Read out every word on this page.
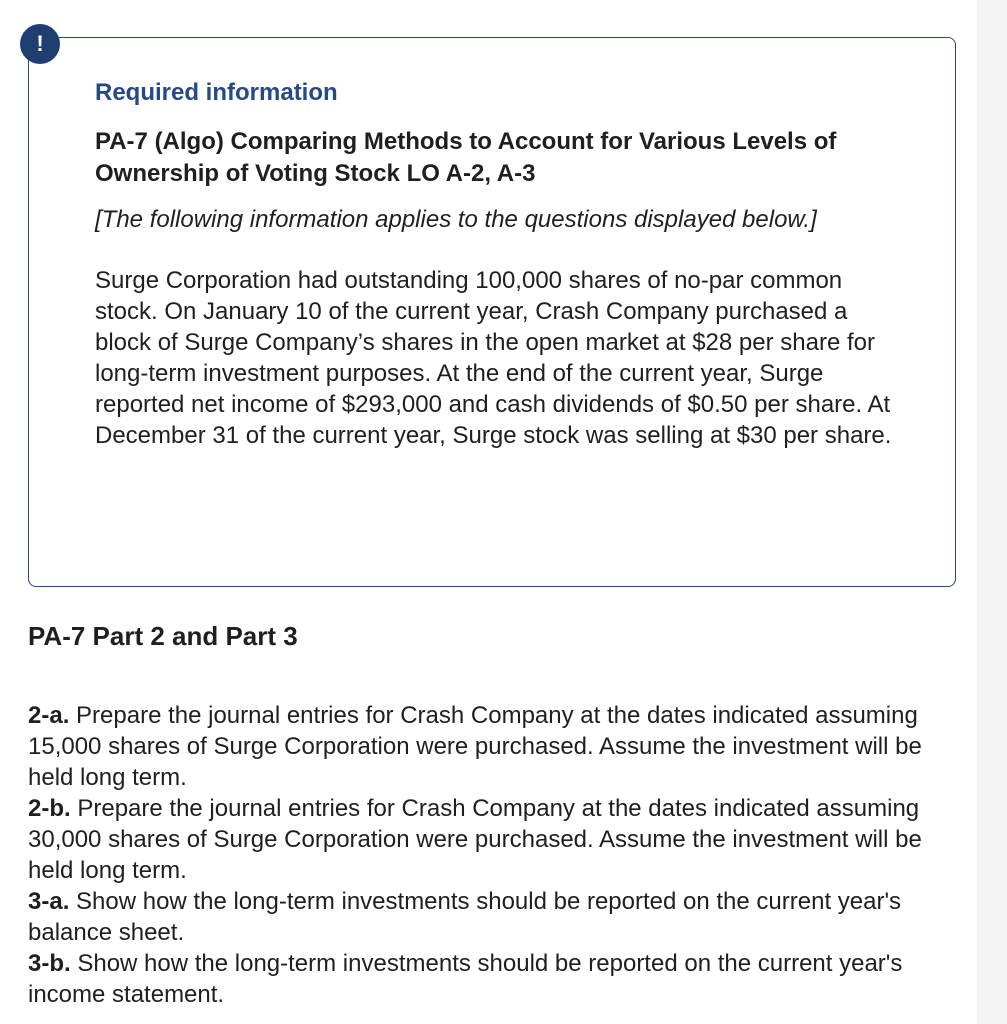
Required information

PA-7 (Algo) Comparing Methods to Account for Various Levels of Ownership of Voting Stock LO A-2, A-3

[The following information applies to the questions displayed below.]

Surge Corporation had outstanding 100,000 shares of no-par common stock. On January 10 of the current year, Crash Company purchased a block of Surge Company’s shares in the open market at $28 per share for long-term investment purposes. At the end of the current year, Surge reported net income of $293,000 and cash dividends of $0.50 per share. At December 31 of the current year, Surge stock was selling at $30 per share.

!
PA-7 Part 2 and Part 3
2-a. Prepare the journal entries for Crash Company at the dates indicated assuming 15,000 shares of Surge Corporation were purchased. Assume the investment will be held long term.
2-b. Prepare the journal entries for Crash Company at the dates indicated assuming 30,000 shares of Surge Corporation were purchased. Assume the investment will be held long term.
3-a. Show how the long-term investments should be reported on the current year's balance sheet.
3-b. Show how the long-term investments should be reported on the current year's income statement.
